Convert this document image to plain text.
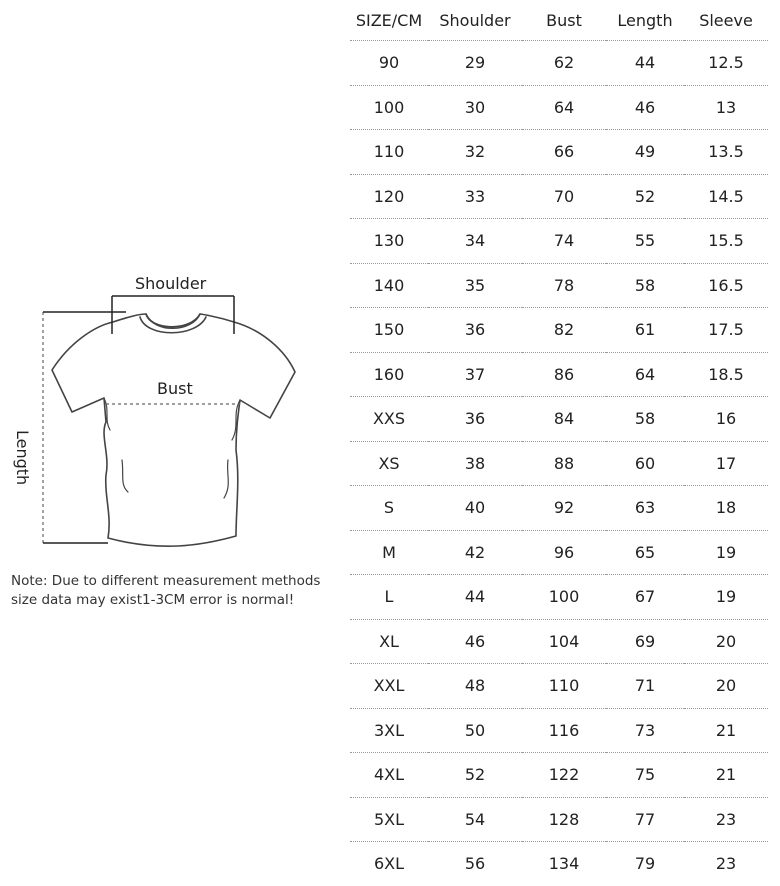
Shoulder
Bust
Length
Note: Due to different measurement methods
size data may exist1-3CM error is normal!
SIZE/CM	Shoulder	Bust	Length	Sleeve
90	29	62	44	12.5
100	30	64	46	13
110	32	66	49	13.5
120	33	70	52	14.5
130	34	74	55	15.5
140	35	78	58	16.5
150	36	82	61	17.5
160	37	86	64	18.5
XXS	36	84	58	16
XS	38	88	60	17
S	40	92	63	18
M	42	96	65	19
L	44	100	67	19
XL	46	104	69	20
XXL	48	110	71	20
3XL	50	116	73	21
4XL	52	122	75	21
5XL	54	128	77	23
6XL	56	134	79	23
